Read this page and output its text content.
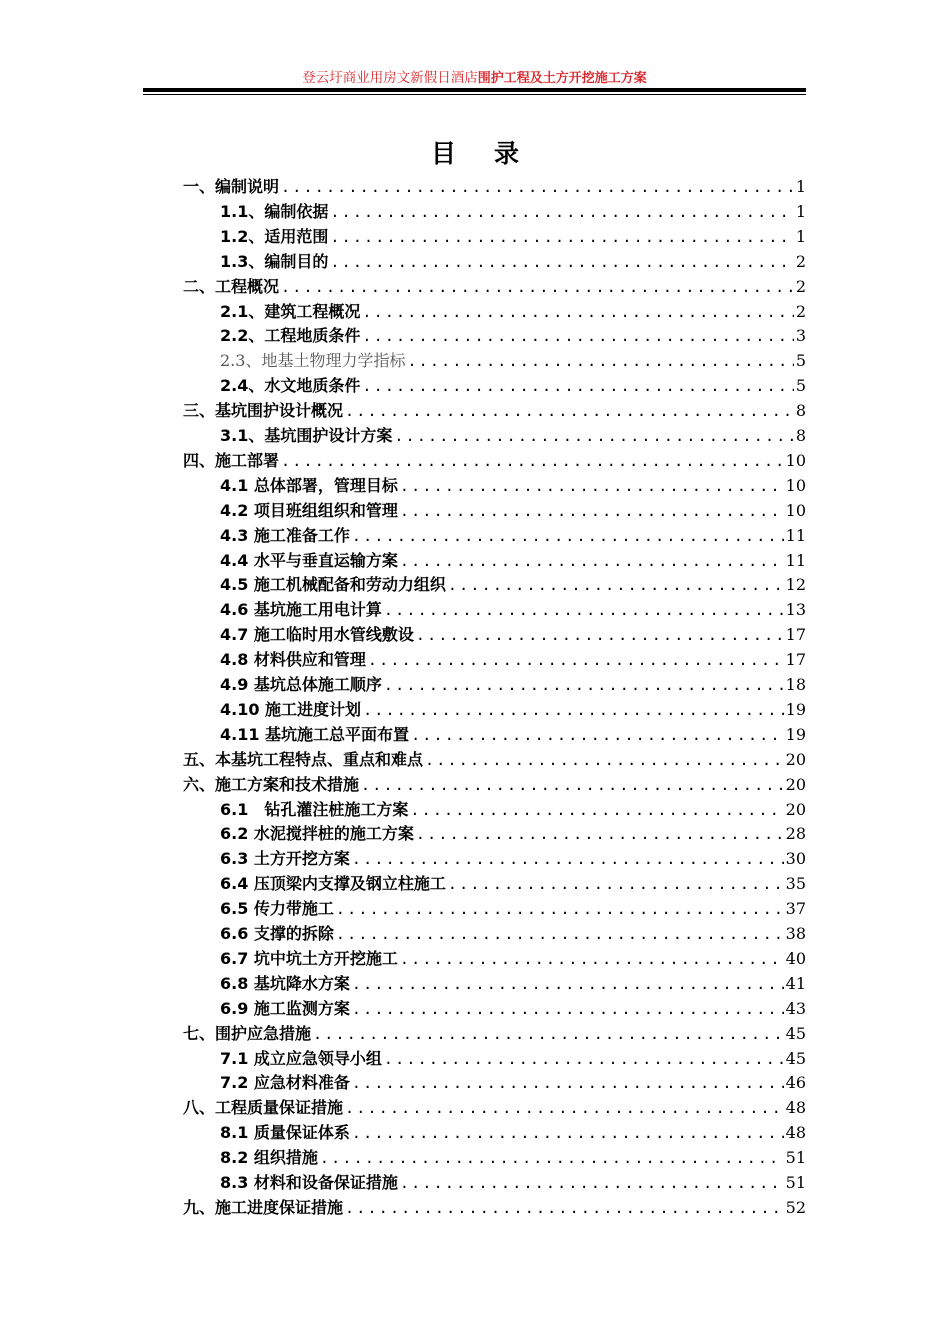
登云圩商业用房文新假日酒店围护工程及土方开挖施工方案
目录
一、编制说明 .....	1
1.1、编制依据 .....	1
1.2、适用范围 .....	1
1.3、编制目的 .....	2
二、工程概况 .....	2
2.1、建筑工程概况 .....	2
2.2、工程地质条件 .....	3
2.3、地基土物理力学指标 .....	5
2.4、水文地质条件 .....	5
三、基坑围护设计概况 .....	8
3.1、基坑围护设计方案 .....	8
四、施工部署 .....	10
4.1 总体部署，管理目标 .....	10
4.2 项目班组组织和管理 .....	10
4.3 施工准备工作 .....	11
4.4 水平与垂直运输方案 .....	11
4.5 施工机械配备和劳动力组织 .....	12
4.6 基坑施工用电计算 .....	13
4.7 施工临时用水管线敷设 .....	17
4.8 材料供应和管理 .....	17
4.9 基坑总体施工顺序 .....	18
4.10 施工进度计划 .....	19
4.11 基坑施工总平面布置 .....	19
五、本基坑工程特点、重点和难点 .....	20
六、施工方案和技术措施 .....	20
6.1　钻孔灌注桩施工方案 .....	20
6.2 水泥搅拌桩的施工方案 .....	28
6.3 土方开挖方案 .....	30
6.4 压顶梁内支撑及钢立柱施工 .....	35
6.5 传力带施工 .....	37
6.6 支撑的拆除 .....	38
6.7 坑中坑土方开挖施工 .....	40
6.8 基坑降水方案 .....	41
6.9 施工监测方案 .....	43
七、围护应急措施 .....	45
7.1 成立应急领导小组 .....	45
7.2 应急材料准备 .....	46
八、工程质量保证措施 .....	48
8.1 质量保证体系 .....	48
8.2 组织措施 .....	51
8.3 材料和设备保证措施 .....	51
九、施工进度保证措施 .....	52
